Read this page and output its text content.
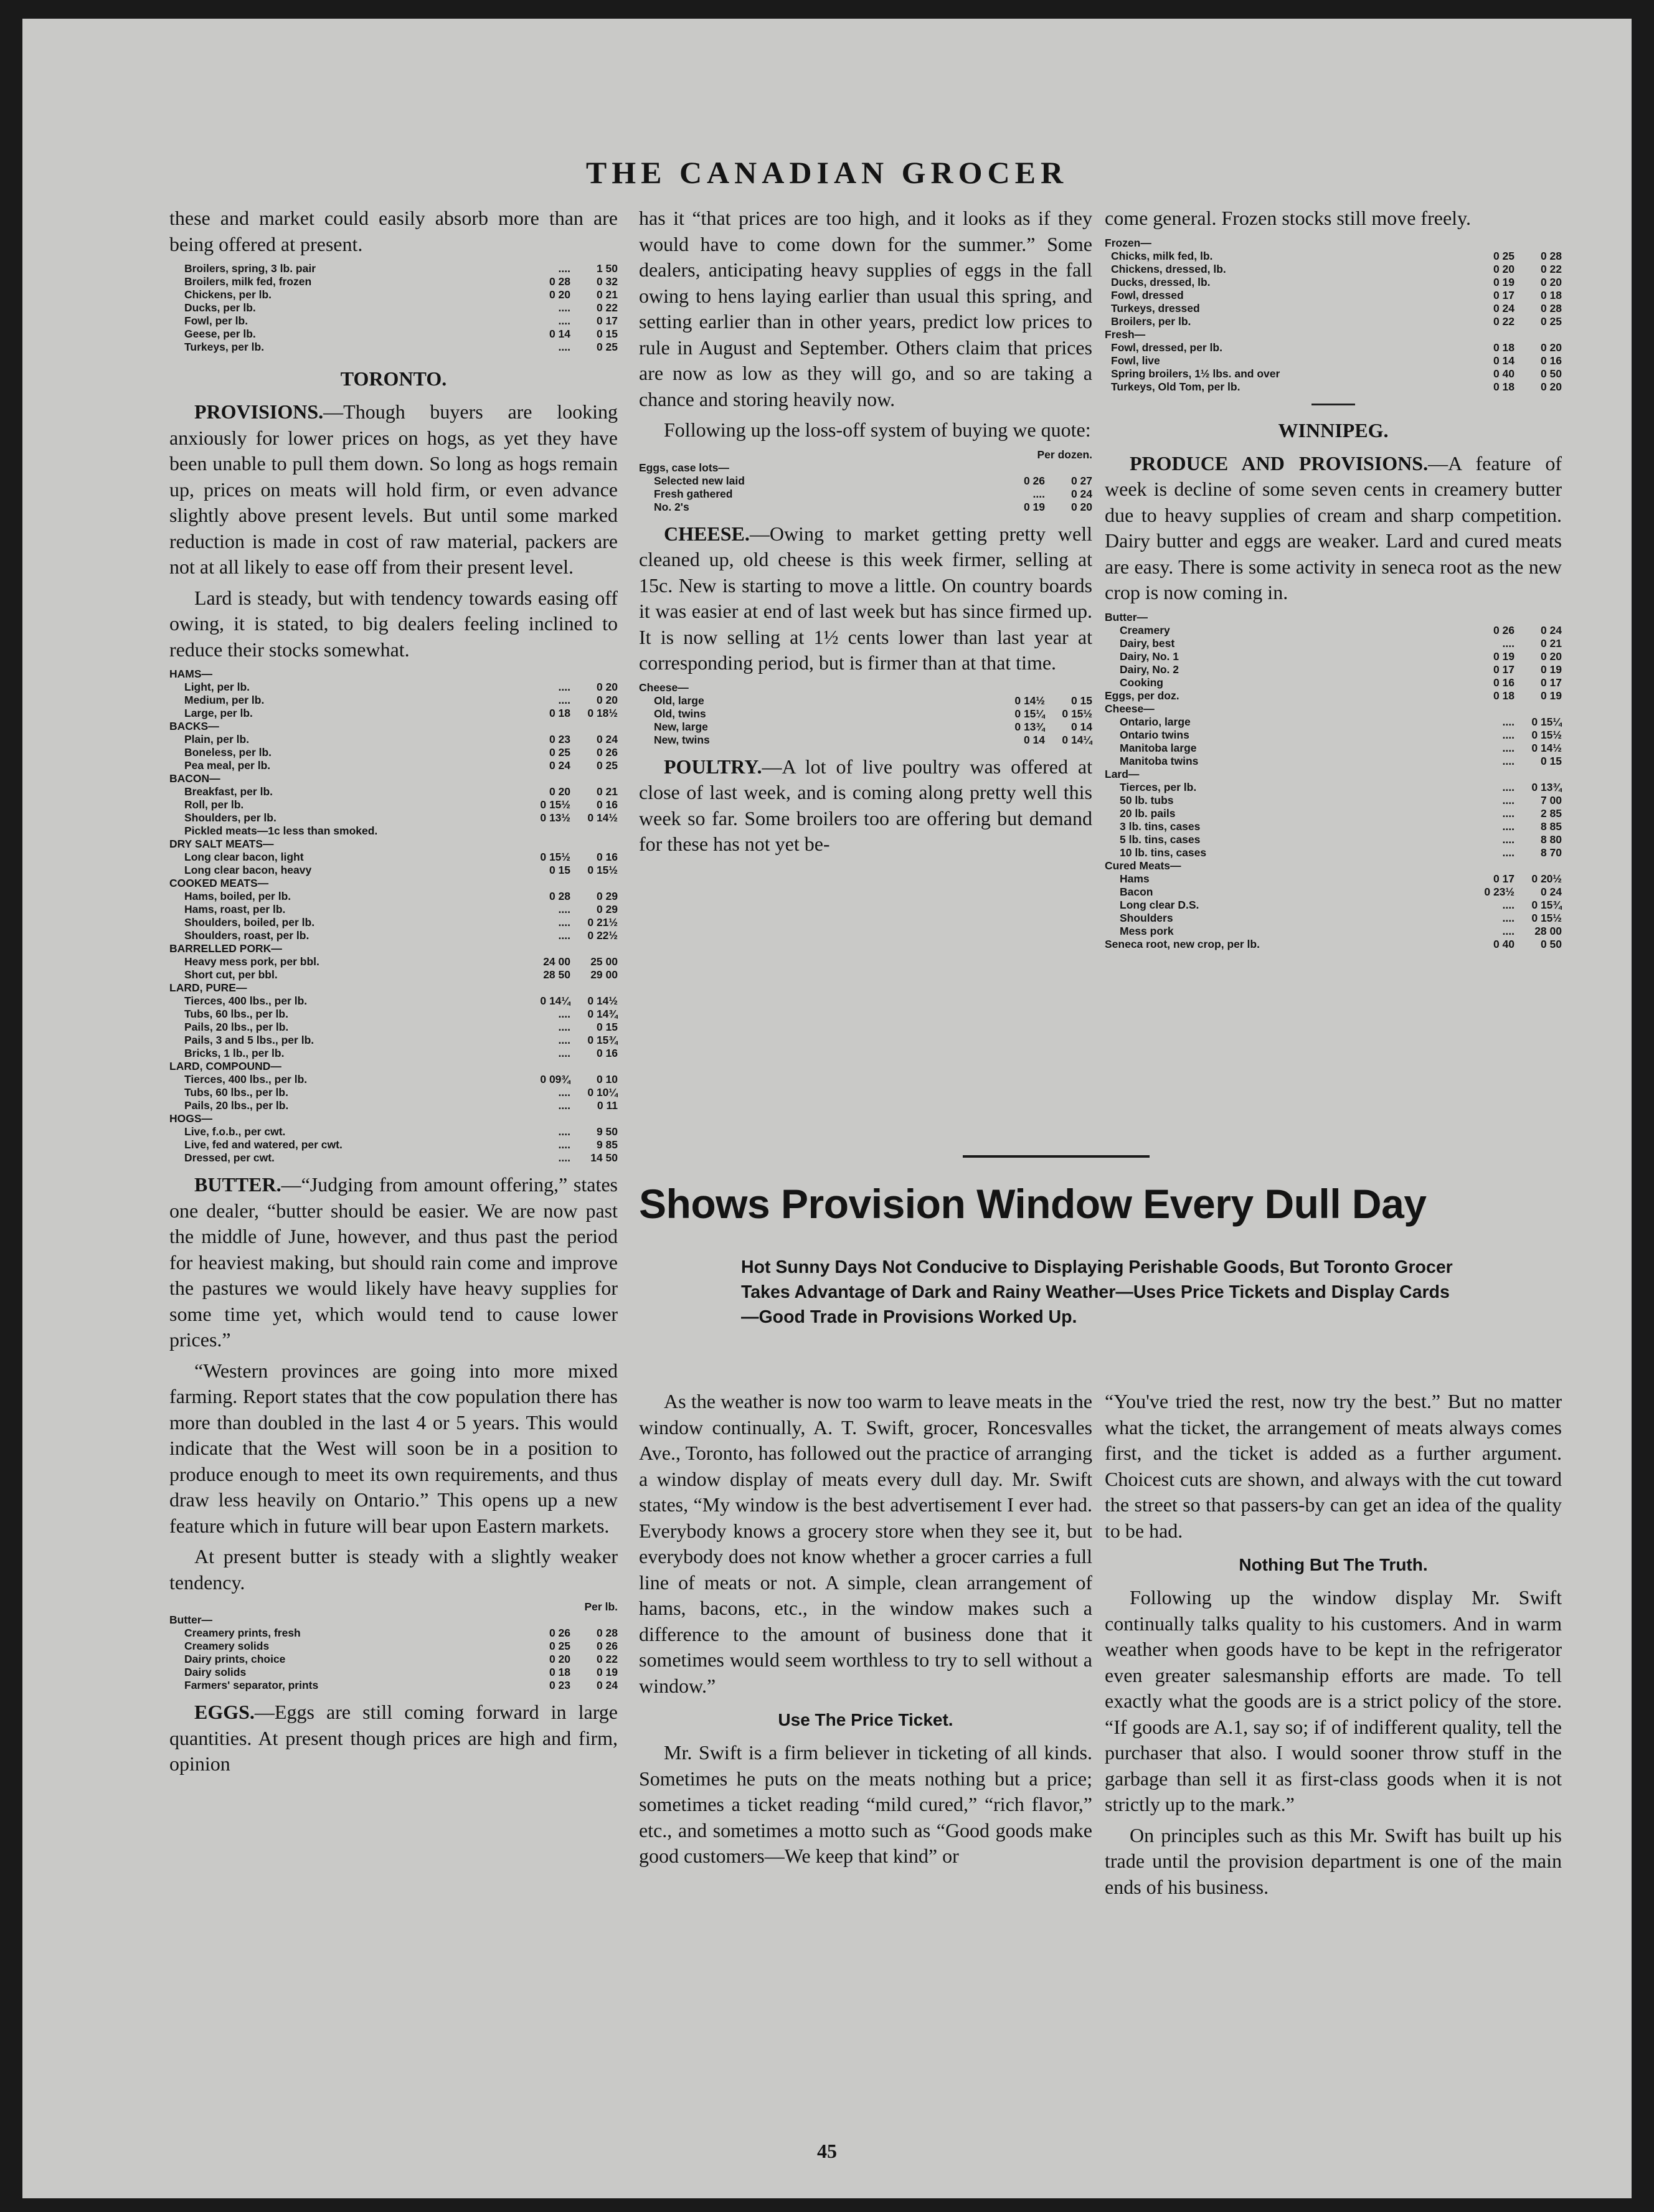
THE CANADIAN GROCER

these and market could easily absorb more than are being offered at present.

Broilers, spring, 3 lb. pair	....	1 50
Broilers, milk fed, frozen	0 28	0 32
Chickens, per lb.	0 20	0 21
Ducks, per lb.	....	0 22
Fowl, per lb.	....	0 17
Geese, per lb.	0 14	0 15
Turkeys, per lb.	....	0 25
TORONTO.

PROVISIONS.—Though buyers are looking anxiously for lower prices on hogs, as yet they have been unable to pull them down. So long as hogs remain up, prices on meats will hold firm, or even advance slightly above present levels. But until some marked reduction is made in cost of raw material, packers are not at all likely to ease off from their present level.

Lard is steady, but with tendency towards easing off owing, it is stated, to big dealers feeling inclined to reduce their stocks somewhat.

HAMS—		
Light, per lb.	....	0 20
Medium, per lb.	....	0 20
Large, per lb.	0 18	0 18½
BACKS—		
Plain, per lb.	0 23	0 24
Boneless, per lb.	0 25	0 26
Pea meal, per lb.	0 24	0 25
BACON—		
Breakfast, per lb.	0 20	0 21
Roll, per lb.	0 15½	0 16
Shoulders, per lb.	0 13½	0 14½
Pickled meats—1c less than smoked.		
DRY SALT MEATS—		
Long clear bacon, light	0 15½	0 16
Long clear bacon, heavy	0 15	0 15½
COOKED MEATS—		
Hams, boiled, per lb.	0 28	0 29
Hams, roast, per lb.	....	0 29
Shoulders, boiled, per lb.	....	0 21½
Shoulders, roast, per lb.	....	0 22½
BARRELLED PORK—		
Heavy mess pork, per bbl.	24 00	25 00
Short cut, per bbl.	28 50	29 00
LARD, PURE—		
Tierces, 400 lbs., per lb.	0 14¼	0 14½
Tubs, 60 lbs., per lb.	....	0 14¾
Pails, 20 lbs., per lb.	....	0 15
Pails, 3 and 5 lbs., per lb.	....	0 15¾
Bricks, 1 lb., per lb.	....	0 16
LARD, COMPOUND—		
Tierces, 400 lbs., per lb.	0 09¾	0 10
Tubs, 60 lbs., per lb.	....	0 10¼
Pails, 20 lbs., per lb.	....	0 11
HOGS—		
Live, f.o.b., per cwt.	....	9 50
Live, fed and watered, per cwt.	....	9 85
Dressed, per cwt.	....	14 50

BUTTER.—“Judging from amount offering,” states one dealer, “butter should be easier. We are now past the middle of June, however, and thus past the period for heaviest making, but should rain come and improve the pastures we would likely have heavy supplies for some time yet, which would tend to cause lower prices.”

“Western provinces are going into more mixed farming. Report states that the cow population there has more than doubled in the last 4 or 5 years. This would indicate that the West will soon be in a position to produce enough to meet its own requirements, and thus draw less heavily on Ontario.” This opens up a new feature which in future will bear upon Eastern markets.

At present butter is steady with a slightly weaker tendency.

Per lb.
Butter—		
Creamery prints, fresh	0 26	0 28
Creamery solids	0 25	0 26
Dairy prints, choice	0 20	0 22
Dairy solids	0 18	0 19
Farmers' separator, prints	0 23	0 24

EGGS.—Eggs are still coming forward in large quantities. At present though prices are high and firm, opinion

has it “that prices are too high, and it looks as if they would have to come down for the summer.” Some dealers, anticipating heavy supplies of eggs in the fall owing to hens laying earlier than usual this spring, and setting earlier than in other years, predict low prices to rule in August and September. Others claim that prices are now as low as they will go, and so are taking a chance and storing heavily now.

Following up the loss-off system of buying we quote:

Per dozen.
Eggs, case lots—		
Selected new laid	0 26	0 27
Fresh gathered	....	0 24
No. 2's	0 19	0 20

CHEESE.—Owing to market getting pretty well cleaned up, old cheese is this week firmer, selling at 15c. New is starting to move a little. On country boards it was easier at end of last week but has since firmed up. It is now selling at 1½ cents lower than last year at corresponding period, but is firmer than at that time.

Cheese—		
Old, large	0 14½	0 15
Old, twins	0 15¼	0 15½
New, large	0 13¾	0 14
New, twins	0 14	0 14¼

POULTRY.—A lot of live poultry was offered at close of last week, and is coming along pretty well this week so far. Some broilers too are offering but demand for these has not yet be-

come general. Frozen stocks still move freely.

Frozen—		
Chicks, milk fed, lb.	0 25	0 28
Chickens, dressed, lb.	0 20	0 22
Ducks, dressed, lb.	0 19	0 20
Fowl, dressed	0 17	0 18
Turkeys, dressed	0 24	0 28
Broilers, per lb.	0 22	0 25
Fresh—		
Fowl, dressed, per lb.	0 18	0 20
Fowl, live	0 14	0 16
Spring broilers, 1½ lbs. and over	0 40	0 50
Turkeys, Old Tom, per lb.	0 18	0 20
WINNIPEG.

PRODUCE AND PROVISIONS.—A feature of week is decline of some seven cents in creamery butter due to heavy supplies of cream and sharp competition. Dairy butter and eggs are weaker. Lard and cured meats are easy. There is some activity in seneca root as the new crop is now coming in.

Butter—		
Creamery	0 26	0 24
Dairy, best	....	0 21
Dairy, No. 1	0 19	0 20
Dairy, No. 2	0 17	0 19
Cooking	0 16	0 17
Eggs, per doz.	0 18	0 19
Cheese—		
Ontario, large	....	0 15¼
Ontario twins	....	0 15½
Manitoba large	....	0 14½
Manitoba twins	....	0 15
Lard—		
Tierces, per lb.	....	0 13¾
50 lb. tubs	....	7 00
20 lb. pails	....	2 85
3 lb. tins, cases	....	8 85
5 lb. tins, cases	....	8 80
10 lb. tins, cases	....	8 70
Cured Meats—		
Hams	0 17	0 20½
Bacon	0 23½	0 24
Long clear D.S.	....	0 15¾
Shoulders	....	0 15½
Mess pork	....	28 00
Seneca root, new crop, per lb.	0 40	0 50
Shows Provision Window Every Dull Day
Hot Sunny Days Not Conducive to Displaying Perishable Goods, But Toronto Grocer Takes Advantage of Dark and Rainy Weather—Uses Price Tickets and Display Cards—Good Trade in Provisions Worked Up.

As the weather is now too warm to leave meats in the window continually, A. T. Swift, grocer, Roncesvalles Ave., Toronto, has followed out the practice of arranging a window display of meats every dull day. Mr. Swift states, “My window is the best advertisement I ever had. Everybody knows a grocery store when they see it, but everybody does not know whether a grocer carries a full line of meats or not. A simple, clean arrangement of hams, bacons, etc., in the window makes such a difference to the amount of business done that it sometimes would seem worthless to try to sell without a window.”

Use The Price Ticket.

Mr. Swift is a firm believer in ticketing of all kinds. Sometimes he puts on the meats nothing but a price; sometimes a ticket reading “mild cured,” “rich flavor,” etc., and sometimes a motto such as “Good goods make good customers—We keep that kind” or

“You've tried the rest, now try the best.” But no matter what the ticket, the arrangement of meats always comes first, and the ticket is added as a further argument. Choicest cuts are shown, and always with the cut toward the street so that passers-by can get an idea of the quality to be had.

Nothing But The Truth.

Following up the window display Mr. Swift continually talks quality to his customers. And in warm weather when goods have to be kept in the refrigerator even greater salesmanship efforts are made. To tell exactly what the goods are is a strict policy of the store. “If goods are A.1, say so; if of indifferent quality, tell the purchaser that also. I would sooner throw stuff in the garbage than sell it as first-class goods when it is not strictly up to the mark.”

On principles such as this Mr. Swift has built up his trade until the provision department is one of the main ends of his business.

45
